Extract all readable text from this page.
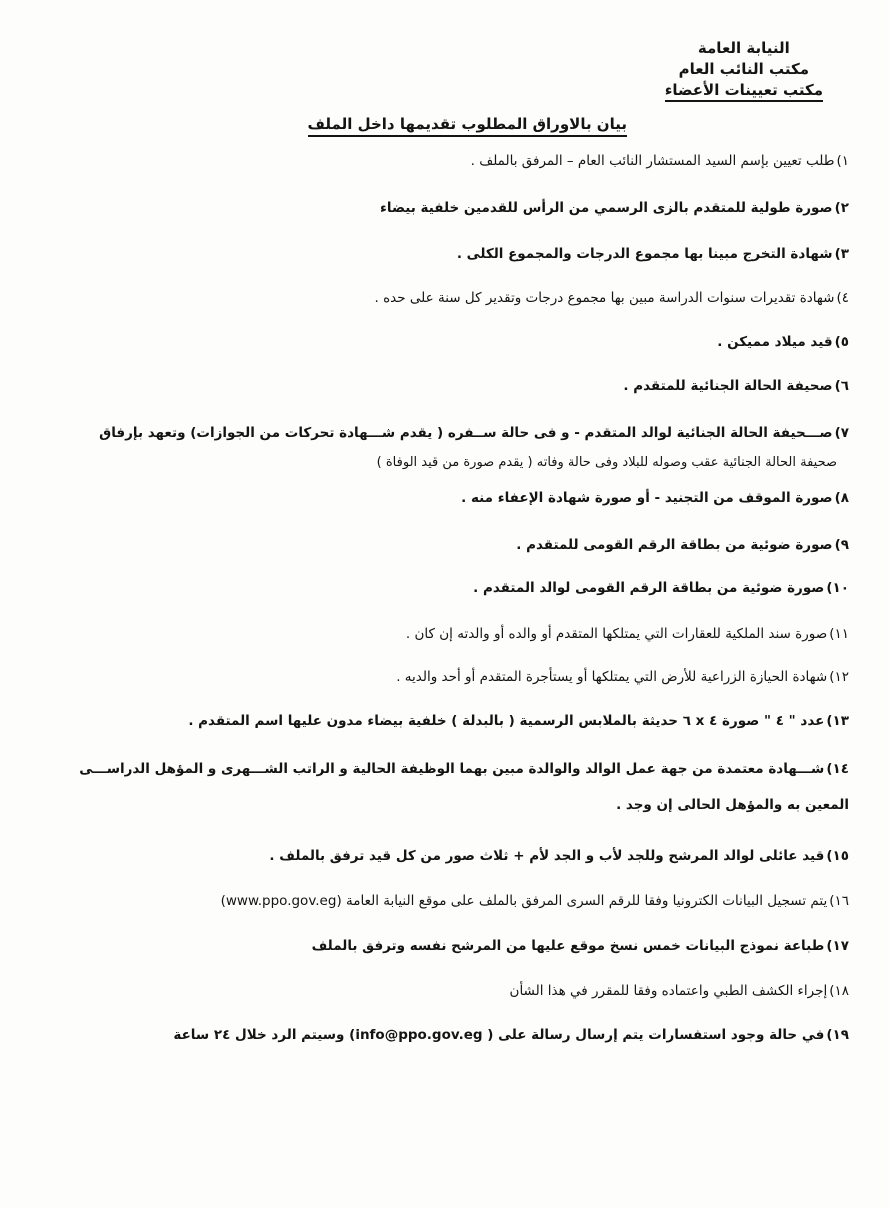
النيابة العامة
مكتب النائب العام
مكتب تعيينات الأعضاء
بيان بالاوراق المطلوب تقديمها داخل الملف
١)طلب تعيين بإسم السيد المستشار النائب العام – المرفق بالملف .
٢)صورة طولية للمتقدم بالزى الرسمي من الرأس للقدمين خلفية بيضاء
٣)شهادة التخرج مبينا بها مجموع الدرجات والمجموع الكلى .
٤)شهادة تقديرات سنوات الدراسة مبين بها مجموع درجات وتقدير كل سنة على حده .
٥)قيد ميلاد مميكن .
٦)صحيفة الحالة الجنائية للمتقدم .
٧)صـــحيفة الحالة الجنائية لوالد المتقدم - و فى حالة ســفره ( يقدم شـــهادة تحركات من الجوازات) وتعهد بإرفاق
صحيفة الحالة الجنائية عقب وصوله للبلاد وفى حالة وفاته ( يقدم صورة من قيد الوفاة )
٨)صورة الموقف من التجنيد - أو صورة شهادة الإعفاء منه .
٩)صورة ضوئية من بطاقة الرقم القومى للمتقدم .
١٠)صورة ضوئية من بطاقة الرقم القومى لوالد المتقدم .
١١)صورة سند الملكية للعقارات التي يمتلكها المتقدم أو والده أو والدته إن كان .
١٢)شهادة الحيازة الزراعية للأرض التي يمتلكها أو يستأجرة المتقدم أو أحد والديه .
١٣)عدد " ٤ " صورة ٤ x ٦ حديثة بالملابس الرسمية ( بالبدلة ) خلفية بيضاء مدون عليها اسم المتقدم .
١٤)شـــهادة معتمدة من جهة عمل الوالد والوالدة مبين بهما الوظيفة الحالية و الراتب الشـــهرى و المؤهل الدراســـى المعين به والمؤهل الحالى إن وجد .
١٥)قيد عائلى لوالد المرشح وللجد لأب و الجد لأم + ثلاث صور من كل قيد ترفق بالملف .
١٦)يتم تسجيل البيانات الكترونيا وفقا للرقم السرى المرفق بالملف على موقع النيابة العامة (www.ppo.gov.eg)
١٧)طباعة نموذج البيانات خمس نسخ موقع عليها من المرشح نفسه وترفق بالملف
١٨)إجراء الكشف الطبي واعتماده وفقا للمقرر في هذا الشأن
١٩)في حالة وجود استفسارات يتم إرسال رسالة على ( info@ppo.gov.eg) وسيتم الرد خلال ٢٤ ساعة
